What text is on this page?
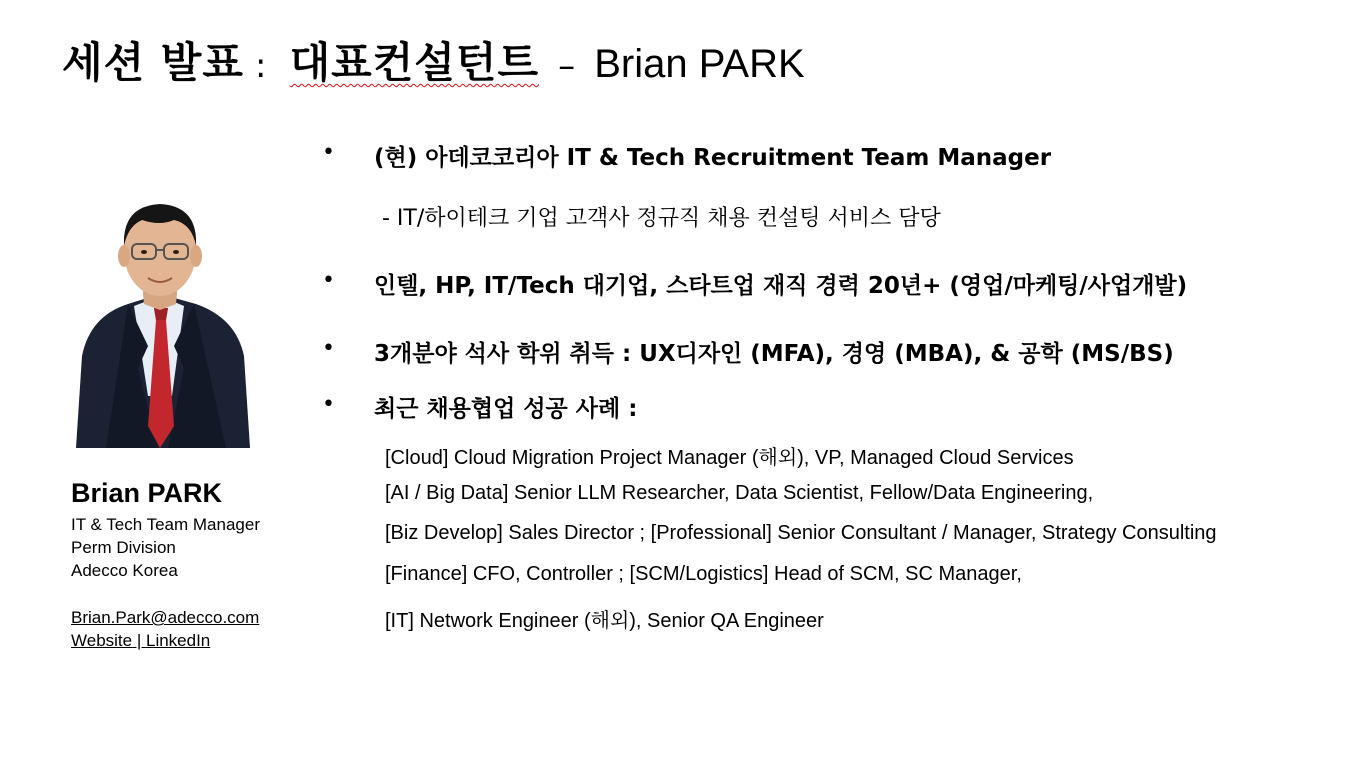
세션 발표 : 대표컨설턴트 – Brian PARK
Brian PARK
IT & Tech Team Manager
Perm Division
Adecco Korea
Brian.Park@adecco.com
Website | LinkedIn
• (현) 아데코코리아 IT & Tech Recruitment Team Manager
- IT/하이테크 기업 고객사 정규직 채용 컨설팅 서비스 담당
• 인텔, HP, IT/Tech 대기업, 스타트업 재직 경력 20년+ (영업/마케팅/사업개발)
• 3개분야 석사 학위 취득 : UX디자인 (MFA), 경영 (MBA), & 공학 (MS/BS)
• 최근 채용협업 성공 사례 :
[Cloud] Cloud Migration Project Manager (해외), VP, Managed Cloud Services
[AI / Big Data] Senior LLM Researcher, Data Scientist, Fellow/Data Engineering,
[Biz Develop] Sales Director ; [Professional] Senior Consultant / Manager, Strategy Consulting
[Finance] CFO, Controller ; [SCM/Logistics] Head of SCM, SC Manager,
[IT] Network Engineer (해외), Senior QA Engineer
